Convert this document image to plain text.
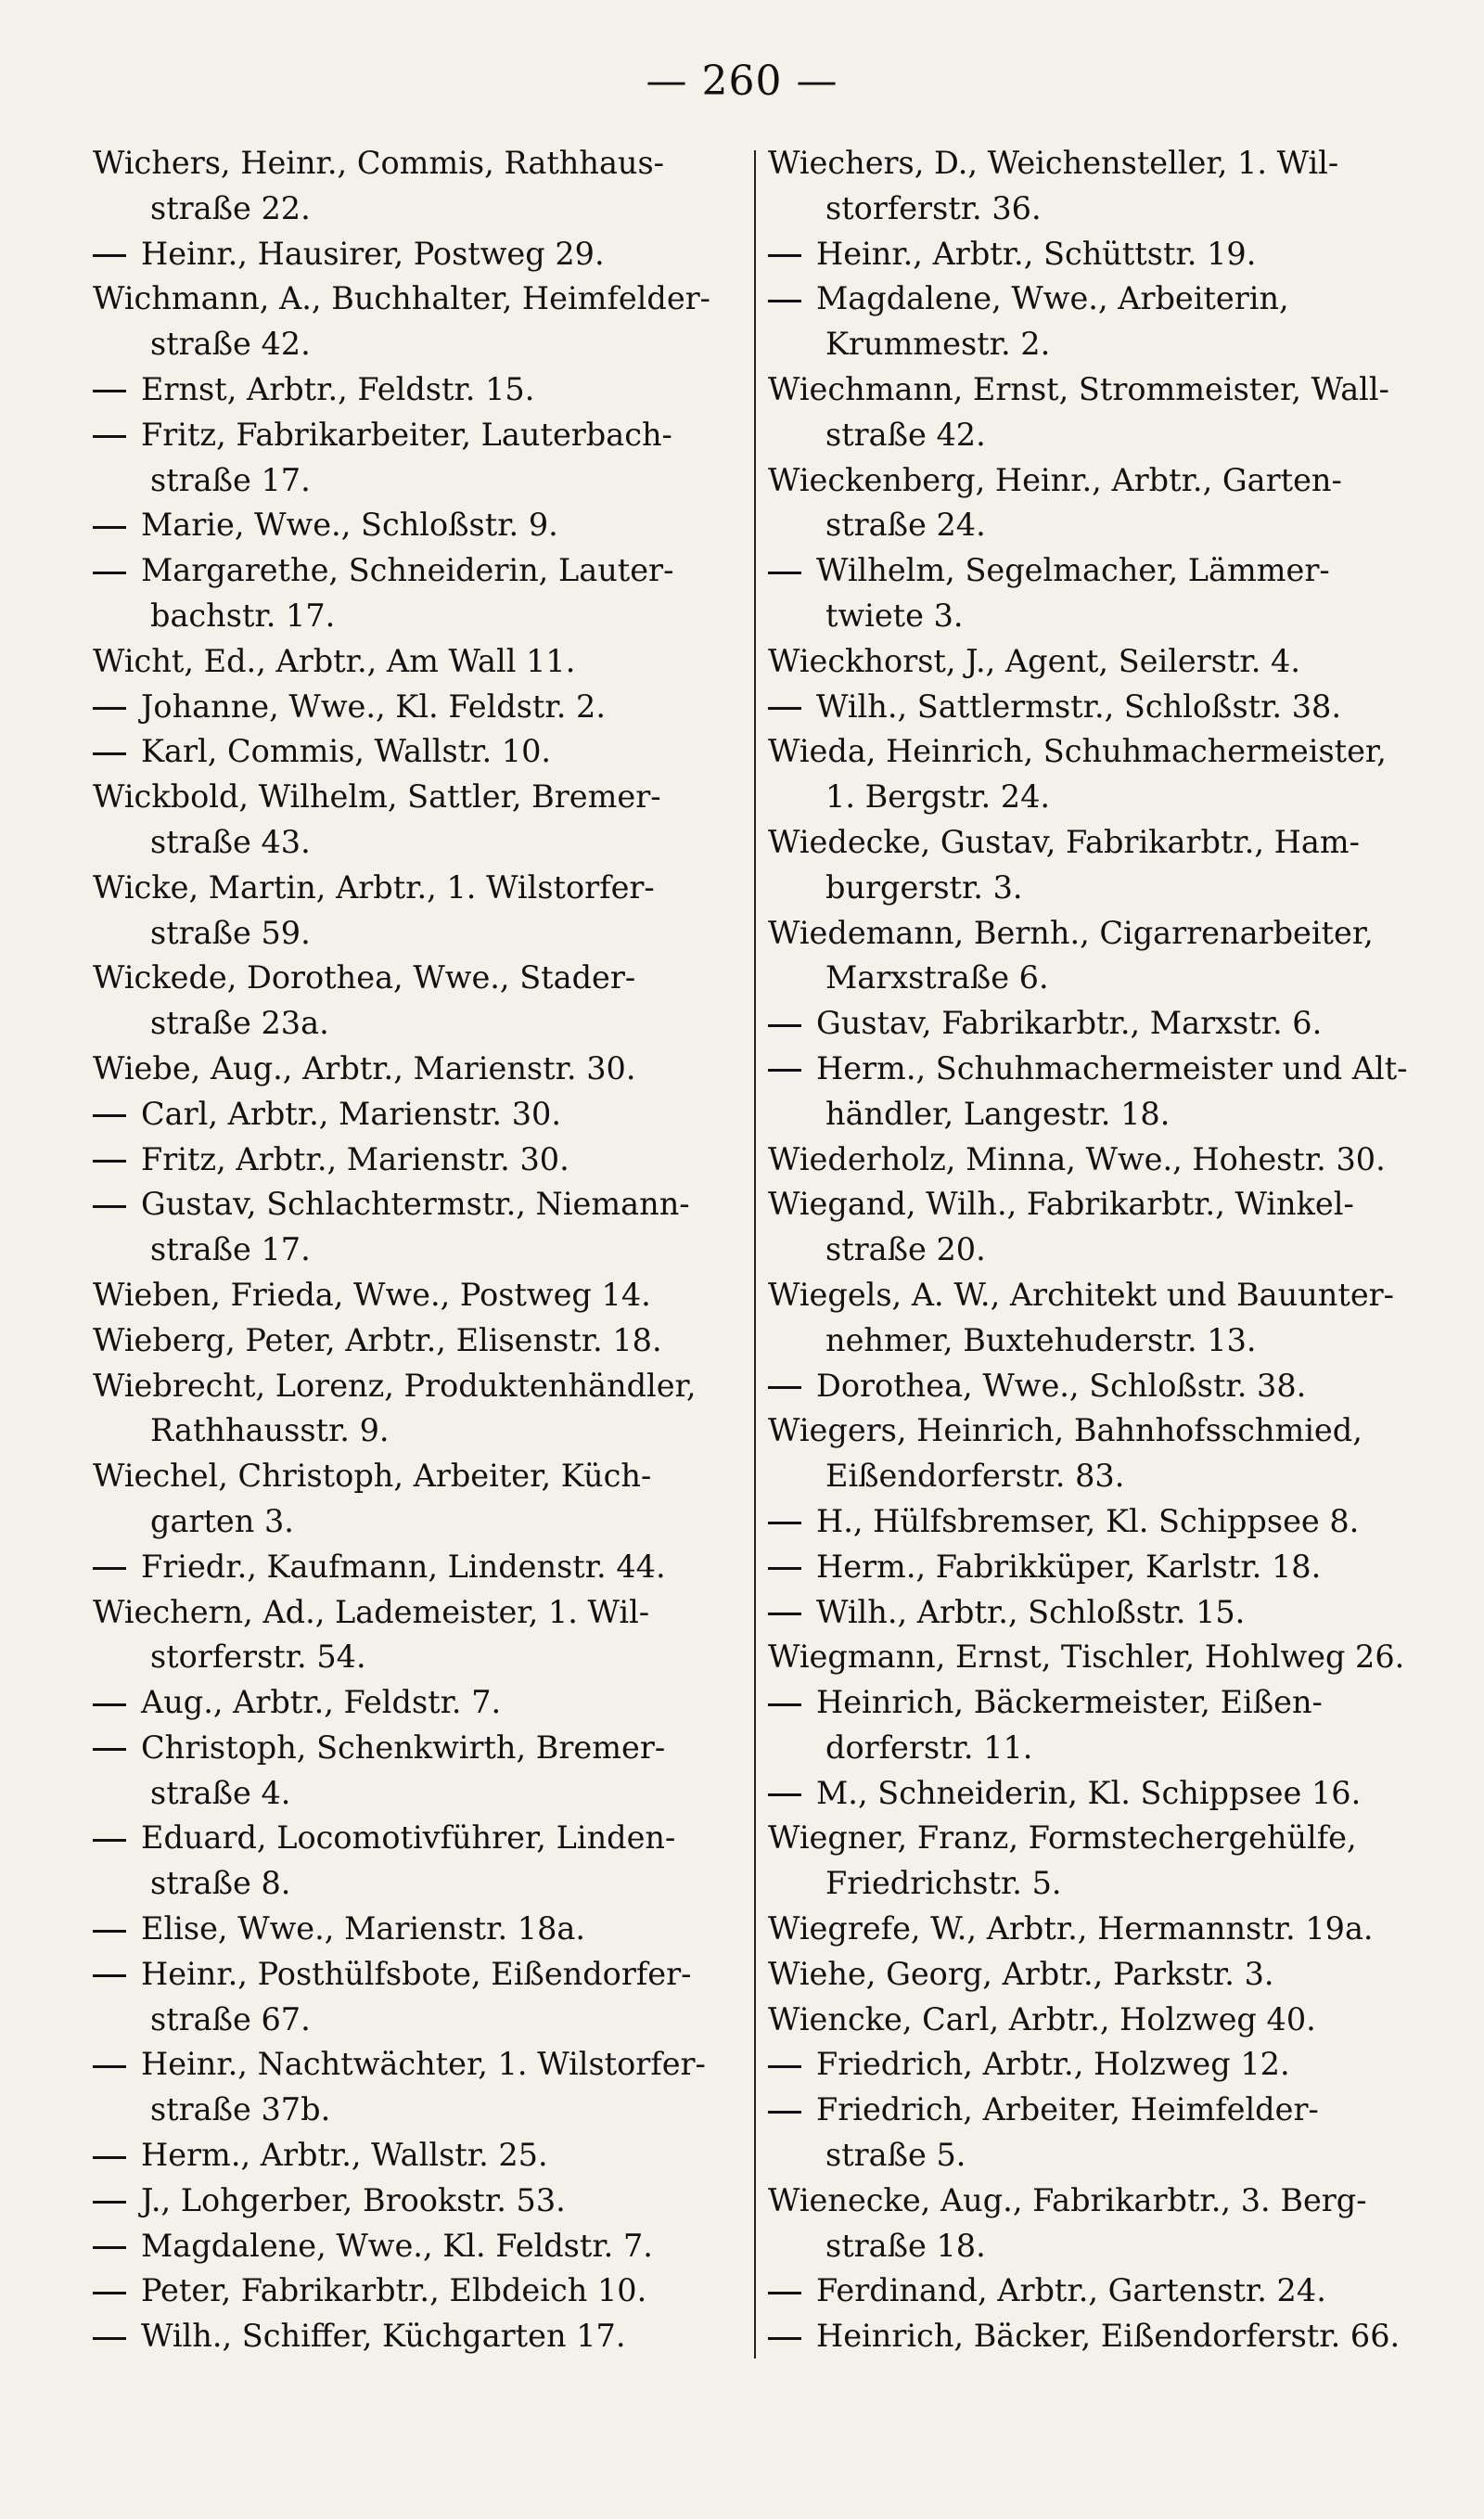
— 260 —
Wichers, Heinr., Commis, Rathhaus-
straße 22.
Heinr., Hausirer, Postweg 29.
Wichmann, A., Buchhalter, Heimfelder-
straße 42.
Ernst, Arbtr., Feldstr. 15.
Fritz, Fabrikarbeiter, Lauterbach-
straße 17.
Marie, Wwe., Schloßstr. 9.
Margarethe, Schneiderin, Lauter-
bachstr. 17.
Wicht, Ed., Arbtr., Am Wall 11.
Johanne, Wwe., Kl. Feldstr. 2.
Karl, Commis, Wallstr. 10.
Wickbold, Wilhelm, Sattler, Bremer-
straße 43.
Wicke, Martin, Arbtr., 1. Wilstorfer-
straße 59.
Wickede, Dorothea, Wwe., Stader-
straße 23a.
Wiebe, Aug., Arbtr., Marienstr. 30.
Carl, Arbtr., Marienstr. 30.
Fritz, Arbtr., Marienstr. 30.
Gustav, Schlachtermstr., Niemann-
straße 17.
Wieben, Frieda, Wwe., Postweg 14.
Wieberg, Peter, Arbtr., Elisenstr. 18.
Wiebrecht, Lorenz, Produktenhändler,
Rathhausstr. 9.
Wiechel, Christoph, Arbeiter, Küch-
garten 3.
Friedr., Kaufmann, Lindenstr. 44.
Wiechern, Ad., Lademeister, 1. Wil-
storferstr. 54.
Aug., Arbtr., Feldstr. 7.
Christoph, Schenkwirth, Bremer-
straße 4.
Eduard, Locomotivführer, Linden-
straße 8.
Elise, Wwe., Marienstr. 18a.
Heinr., Posthülfsbote, Eißendorfer-
straße 67.
Heinr., Nachtwächter, 1. Wilstorfer-
straße 37b.
Herm., Arbtr., Wallstr. 25.
J., Lohgerber, Brookstr. 53.
Magdalene, Wwe., Kl. Feldstr. 7.
Peter, Fabrikarbtr., Elbdeich 10.
Wilh., Schiffer, Küchgarten 17.
Wiechers, D., Weichensteller, 1. Wil-
storferstr. 36.
Heinr., Arbtr., Schüttstr. 19.
Magdalene, Wwe., Arbeiterin,
Krummestr. 2.
Wiechmann, Ernst, Strommeister, Wall-
straße 42.
Wieckenberg, Heinr., Arbtr., Garten-
straße 24.
Wilhelm, Segelmacher, Lämmer-
twiete 3.
Wieckhorst, J., Agent, Seilerstr. 4.
Wilh., Sattlermstr., Schloßstr. 38.
Wieda, Heinrich, Schuhmachermeister,
1. Bergstr. 24.
Wiedecke, Gustav, Fabrikarbtr., Ham-
burgerstr. 3.
Wiedemann, Bernh., Cigarrenarbeiter,
Marxstraße 6.
Gustav, Fabrikarbtr., Marxstr. 6.
Herm., Schuhmachermeister und Alt-
händler, Langestr. 18.
Wiederholz, Minna, Wwe., Hohestr. 30.
Wiegand, Wilh., Fabrikarbtr., Winkel-
straße 20.
Wiegels, A. W., Architekt und Bauunter-
nehmer, Buxtehuderstr. 13.
Dorothea, Wwe., Schloßstr. 38.
Wiegers, Heinrich, Bahnhofsschmied,
Eißendorferstr. 83.
H., Hülfsbremser, Kl. Schippsee 8.
Herm., Fabrikküper, Karlstr. 18.
Wilh., Arbtr., Schloßstr. 15.
Wiegmann, Ernst, Tischler, Hohlweg 26.
Heinrich, Bäckermeister, Eißen-
dorferstr. 11.
M., Schneiderin, Kl. Schippsee 16.
Wiegner, Franz, Formstechergehülfe,
Friedrichstr. 5.
Wiegrefe, W., Arbtr., Hermannstr. 19a.
Wiehe, Georg, Arbtr., Parkstr. 3.
Wiencke, Carl, Arbtr., Holzweg 40.
Friedrich, Arbtr., Holzweg 12.
Friedrich, Arbeiter, Heimfelder-
straße 5.
Wienecke, Aug., Fabrikarbtr., 3. Berg-
straße 18.
Ferdinand, Arbtr., Gartenstr. 24.
Heinrich, Bäcker, Eißendorferstr. 66.
